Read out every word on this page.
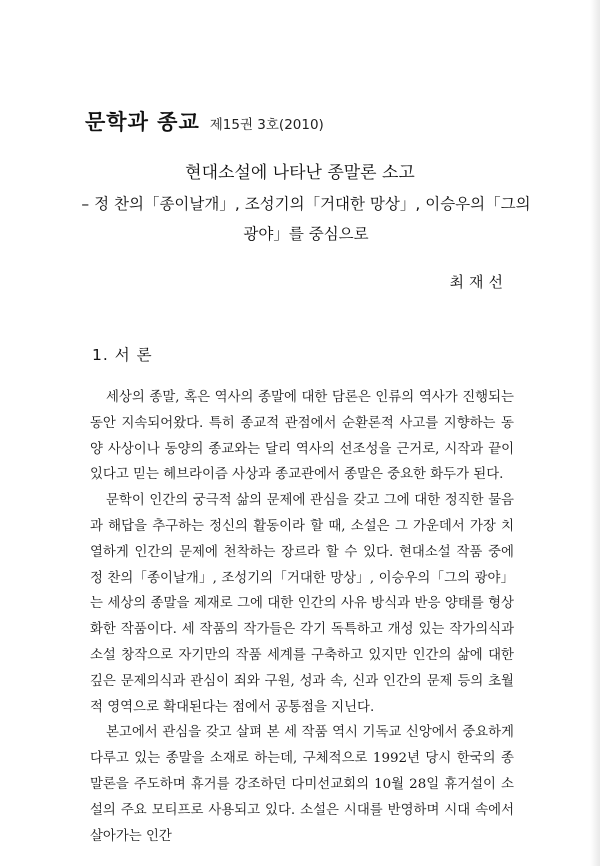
문학과 종교 제15권 3호(2010)
현대소설에 나타난 종말론 소고
– 정 찬의「종이날개」, 조성기의「거대한 망상」, 이승우의「그의 광야」를 중심으로
최재선
1. 서 론

세상의 종말, 혹은 역사의 종말에 대한 담론은 인류의 역사가 진행되는 동안 지속되어왔다. 특히 종교적 관점에서 순환론적 사고를 지향하는 동양 사상이나 동양의 종교와는 달리 역사의 선조성을 근거로, 시작과 끝이 있다고 믿는 헤브라이즘 사상과 종교관에서 종말은 중요한 화두가 된다.

문학이 인간의 궁극적 삶의 문제에 관심을 갖고 그에 대한 정직한 물음과 해답을 추구하는 정신의 활동이라 할 때, 소설은 그 가운데서 가장 치열하게 인간의 문제에 천착하는 장르라 할 수 있다. 현대소설 작품 중에 정 찬의「종이날개」, 조성기의「거대한 망상」, 이승우의「그의 광야」는 세상의 종말을 제재로 그에 대한 인간의 사유 방식과 반응 양태를 형상화한 작품이다. 세 작품의 작가들은 각기 독특하고 개성 있는 작가의식과 소설 창작으로 자기만의 작품 세계를 구축하고 있지만 인간의 삶에 대한 깊은 문제의식과 관심이 죄와 구원, 성과 속, 신과 인간의 문제 등의 초월적 영역으로 확대된다는 점에서 공통점을 지닌다.

본고에서 관심을 갖고 살펴 본 세 작품 역시 기독교 신앙에서 중요하게 다루고 있는 종말을 소재로 하는데, 구체적으로 1992년 당시 한국의 종말론을 주도하며 휴거를 강조하던 다미선교회의 10월 28일 휴거설이 소설의 주요 모티프로 사용되고 있다. 소설은 시대를 반영하며 시대 속에서 살아가는 인간
